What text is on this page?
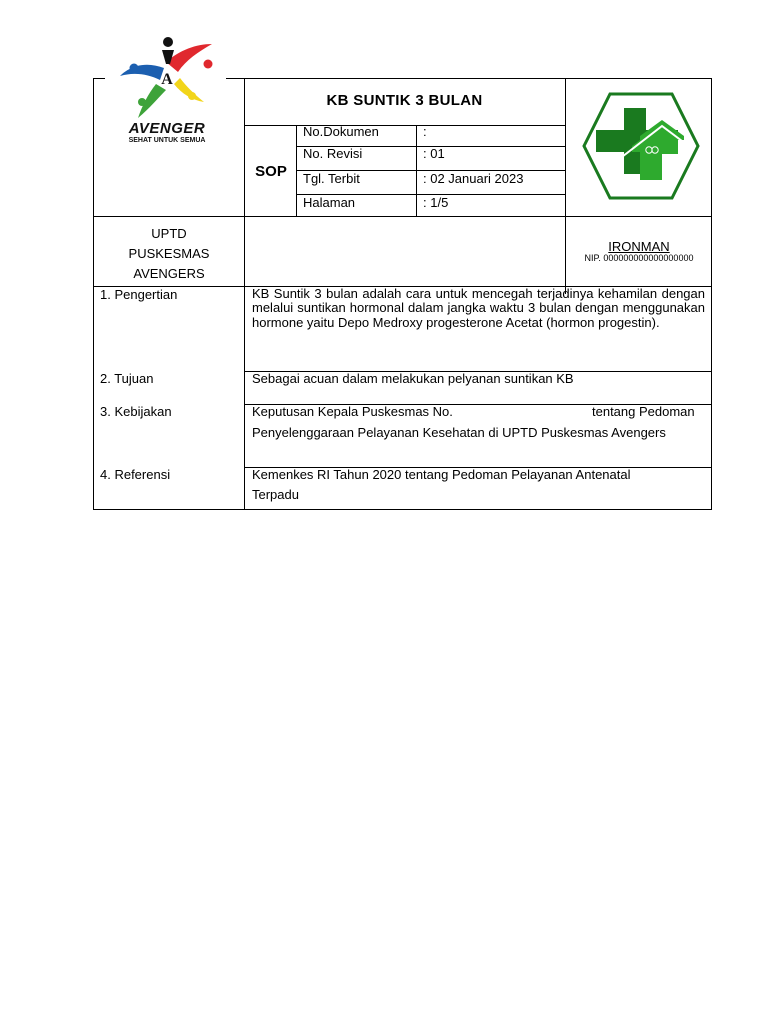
A
AVENGER
SEHAT UNTUK SEMUA
KB SUNTIK 3 BULAN
SOP
No.Dokumen	:
No. Revisi	: 01
Tgl. Terbit	: 02 Januari 2023
Halaman	: 1/5
UPTD
PUSKESMAS
AVENGERS
IRONMAN
NIP. 000000000000000000
1. Pengertian	KB Suntik 3 bulan adalah cara untuk mencegah terjadinya kehamilan dengan melalui suntikan hormonal dalam jangka waktu 3 bulan dengan menggunakan hormone yaitu Depo Medroxy progesterone Acetat (hormon progestin).
2. Tujuan	Sebagai acuan dalam melakukan pelyanan suntikan KB
3. Kebijakan	Keputusan Kepala Puskesmas No.	tentang Pedoman
Penyelenggaraan Pelayanan Kesehatan di UPTD Puskesmas Avengers
4. Referensi	Kemenkes RI Tahun 2020 tentang Pedoman Pelayanan Antenatal
Terpadu
